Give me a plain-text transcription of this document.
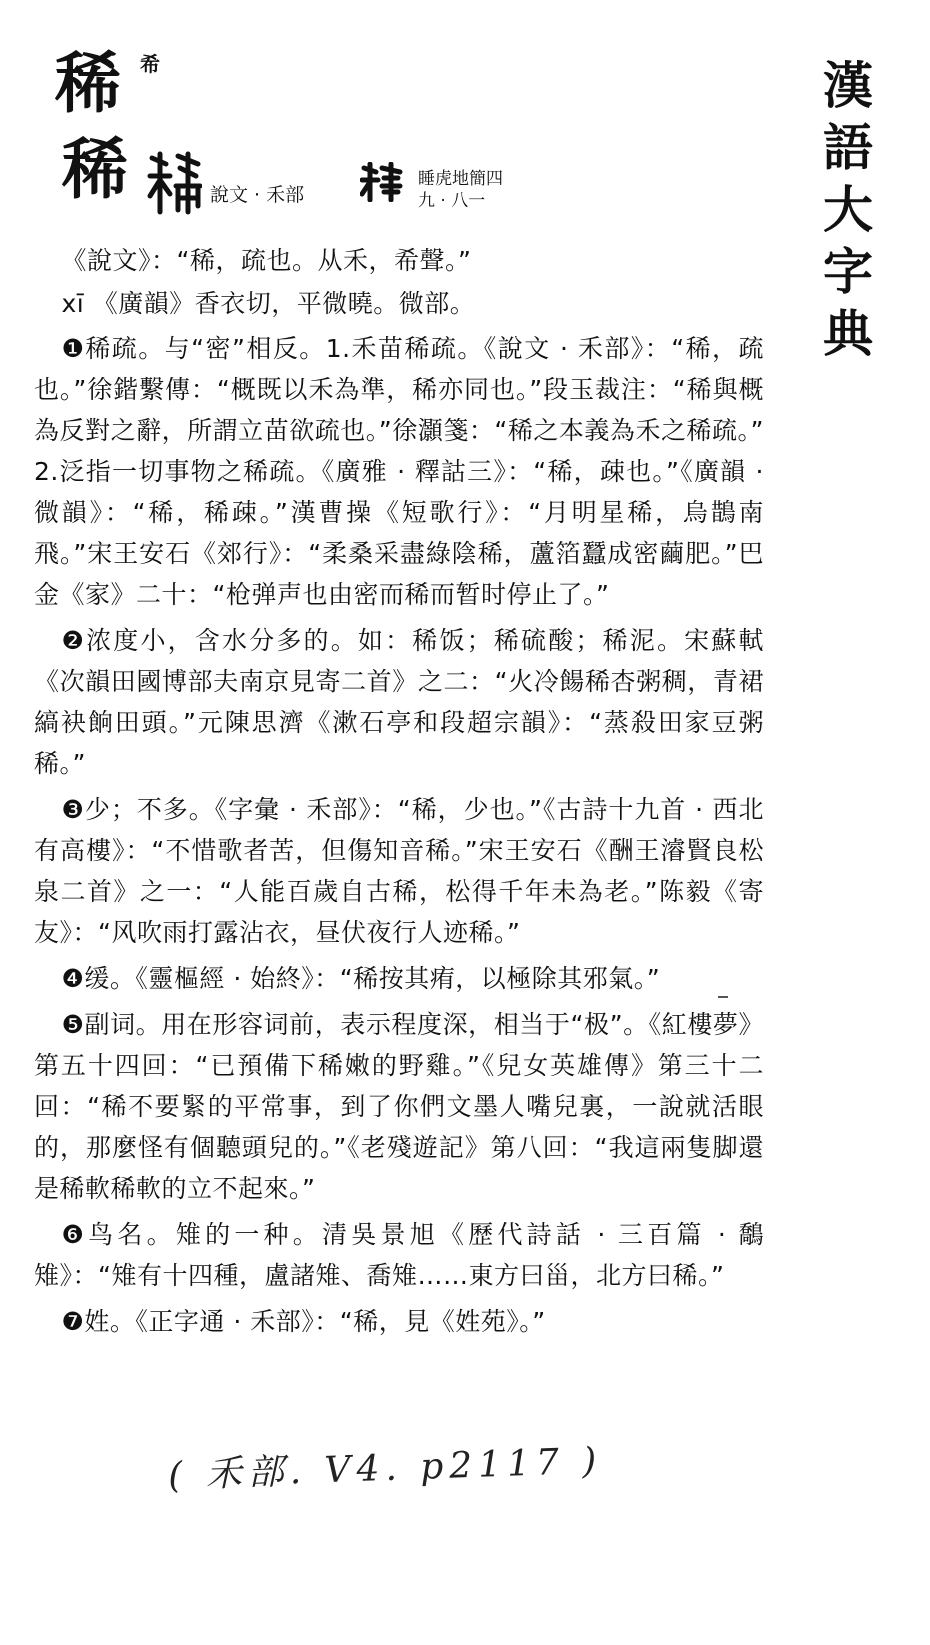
漢
語
大
字
典
稀 希
稀	說文 · 禾部
睡虎地簡四
九 · 八一

《說文》：“稀，疏也。从禾，希聲。”

xī 《廣韻》香衣切，平微曉。微部。

❶稀疏。与“密”相反。1.禾苗稀疏。《說文 · 禾部》：“稀，疏也。”徐鍇繫傳：“概既以禾為準，稀亦同也。”段玉裁注：“稀與概為反對之辭，所謂立苗欲疏也。”徐灝箋：“稀之本義為禾之稀疏。” 2.泛指一切事物之稀疏。《廣雅 · 釋詁三》：“稀，疎也。”《廣韻 · 微韻》：“稀，稀疎。”漢曹操《短歌行》：“月明星稀，烏鵲南飛。”宋王安石《郊行》：“柔桑采盡綠陰稀，蘆箔蠶成密繭肥。”巴金《家》二十：“枪弹声也由密而稀而暂时停止了。”

❷浓度小，含水分多的。如：稀饭；稀硫酸；稀泥。宋蘇軾《次韻田國博部夫南京見寄二首》之二：“火冷餳稀杏粥稠，青裙縞袂餉田頭。”元陳思濟《漱石亭和段超宗韻》：“蒸殺田家豆粥稀。”

❸少；不多。《字彙 · 禾部》：“稀，少也。”《古詩十九首 · 西北有高樓》：“不惜歌者苦，但傷知音稀。”宋王安石《酬王濬賢良松泉二首》之一：“人能百歲自古稀，松得千年未為老。”陈毅《寄友》：“风吹雨打露沾衣，昼伏夜行人迹稀。”

❹缓。《靈樞經 · 始終》：“稀按其痏，以極除其邪氣。”

❺副词。用在形容词前，表示程度深，相当于“极”。《紅樓夢》第五十四回：“已預備下稀嫩的野雞。”《兒女英雄傳》第三十二回：“稀不要緊的平常事，到了你們文墨人嘴兒裏，一說就活眼的，那麼怪有個聽頭兒的。”《老殘遊記》第八回：“我這兩隻脚還是稀軟稀軟的立不起來。”

❻鸟名。雉的一种。清吳景旭《歷代詩話 · 三百篇 · 鷮雉》：“雉有十四種，盧諸雉、喬雉……東方曰甾，北方曰稀。”

❼姓。《正字通 · 禾部》：“稀，見《姓苑》。”

( 禾部. V4. p2117 )
